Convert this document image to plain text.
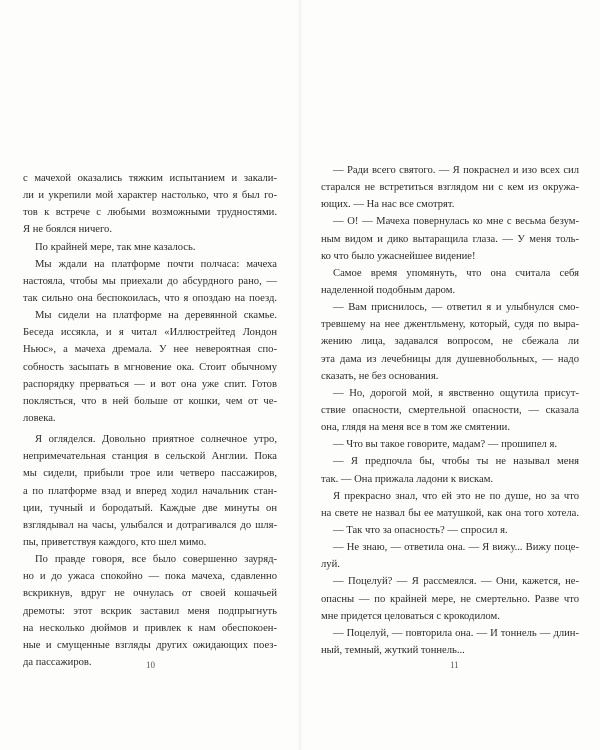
с мачехой оказались тяжким испытанием и закали-
ли и укрепили мой характер настолько, что я был го-
тов к встрече с любыми возможными трудностями.
Я не боялся ничего.
По крайней мере, так мне казалось.
Мы ждали на платформе почти полчаса: мачеха
настояла, чтобы мы приехали до абсурдного рано, —
так сильно она беспокоилась, что я опоздаю на поезд.
Мы сидели на платформе на деревянной скамье.
Беседа иссякла, и я читал «Иллюстрейтед Лондон
Ньюс», а мачеха дремала. У нее невероятная спо-
собность засыпать в мгновение ока. Стоит обычному
распорядку прерваться — и вот она уже спит. Готов
поклясться, что в ней больше от кошки, чем от че-
ловека.
Я огляделся. Довольно приятное солнечное утро,
непримечательная станция в сельской Англии. Пока
мы сидели, прибыли трое или четверо пассажиров,
а по платформе взад и вперед ходил начальник стан-
ции, тучный и бородатый. Каждые две минуты он
взглядывал на часы, улыбался и дотрагивался до шля-
пы, приветствуя каждого, кто шел мимо.
По правде говоря, все было совершенно зауряд-
но и до ужаса спокойно — пока мачеха, сдавленно
вскрикнув, вдруг не очнулась от своей кошачьей
дремоты: этот вскрик заставил меня подпрыгнуть
на несколько дюймов и привлек к нам обеспокоен-
ные и смущенные взгляды других ожидающих поез-
да пассажиров.	10
— Ради всего святого. — Я покраснел и изо всех сил
старался не встретиться взглядом ни с кем из окружа-
ющих. — На нас все смотрят.
— О! — Мачеха повернулась ко мне с весьма безум-
ным видом и дико вытаращила глаза. — У меня толь-
ко что было ужаснейшее видение!
Самое время упомянуть, что она считала себя
наделенной подобным даром.
— Вам приснилось, — ответил я и улыбнулся смо-
тревшему на нее джентльмену, который, судя по выра-
жению лица, задавался вопросом, не сбежала ли
эта дама из лечебницы для душевнобольных, — надо
сказать, не без основания.
— Но, дорогой мой, я явственно ощутила присут-
ствие опасности, смертельной опасности, — сказала
она, глядя на меня все в том же смятении.
— Что вы такое говорите, мадам? — прошипел я.
— Я предпочла бы, чтобы ты не называл меня
так. — Она прижала ладони к вискам.
Я прекрасно знал, что ей это не по душе, но за что
на свете не назвал бы ее матушкой, как она того хотела.
— Так что за опасность? — спросил я.
— Не знаю, — ответила она. — Я вижу... Вижу поце-
луй.
— Поцелуй? — Я рассмеялся. — Они, кажется, не-
опасны — по крайней мере, не смертельно. Разве что
мне придется целоваться с крокодилом.
— Поцелуй, — повторила она. — И тоннель — длин-
ный, темный, жуткий тоннель...
11
